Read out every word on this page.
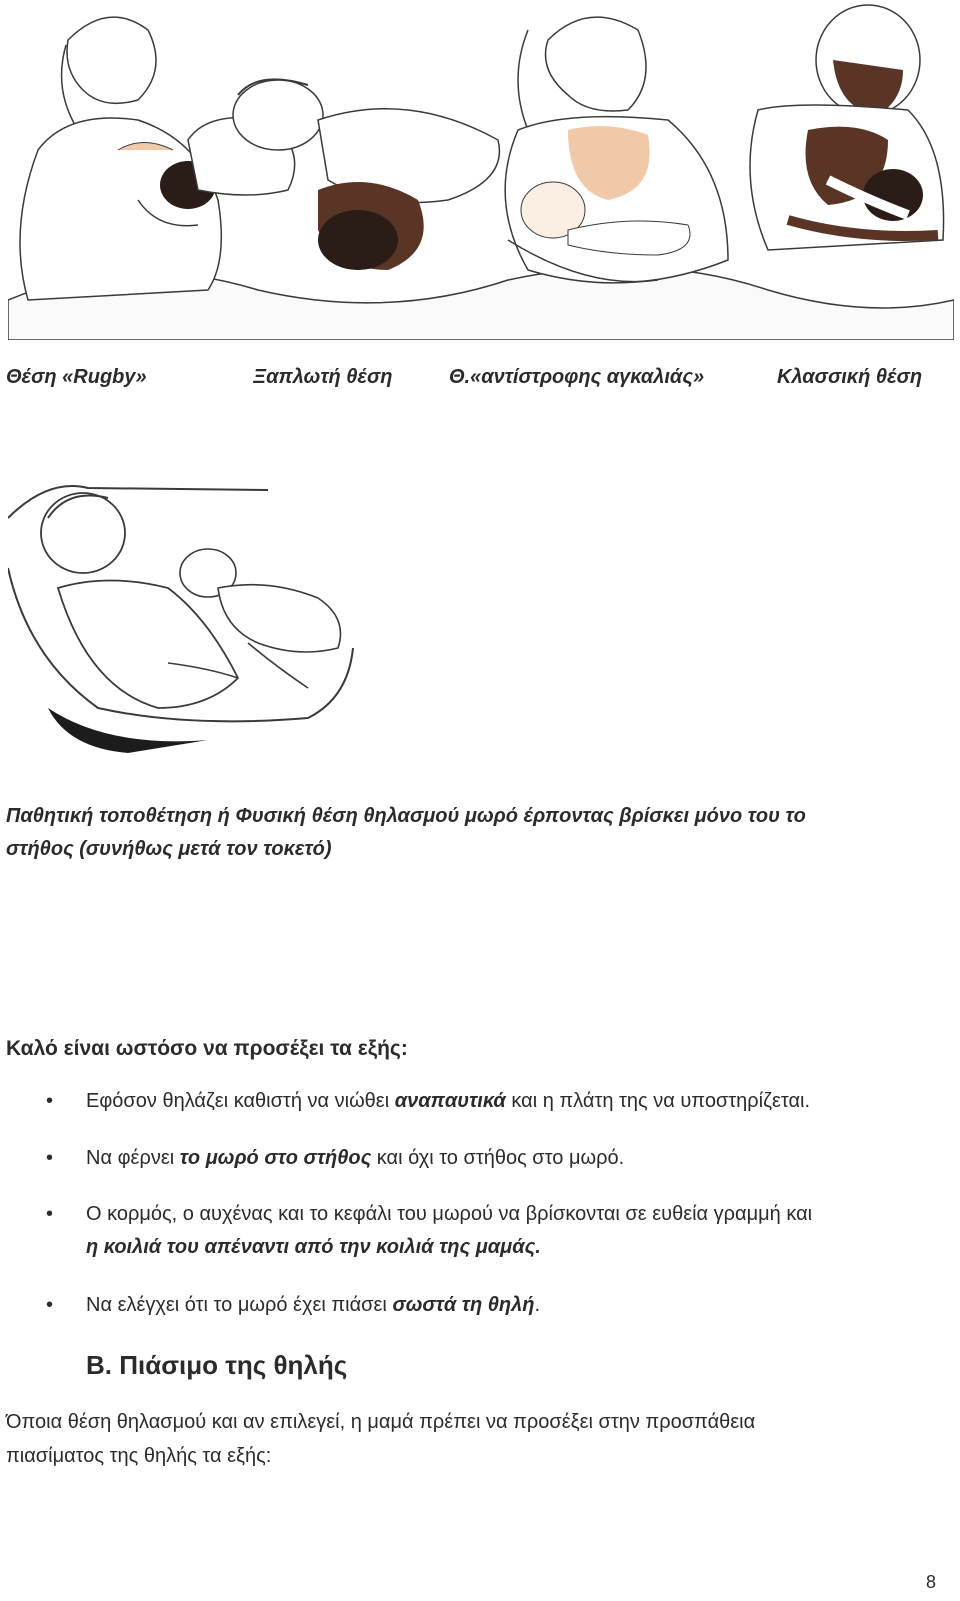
Θέση «Rugby»	Ξαπλωτή θέση	Θ.«αντίστροφης αγκαλιάς»	Κλασσική θέση
Παθητική τοποθέτηση ή Φυσική θέση θηλασμού μωρό έρποντας βρίσκει μόνο του το
στήθος (συνήθως μετά τον τοκετό)
Καλό είναι ωστόσο να προσέξει τα εξής:
• Εφόσον θηλάζει καθιστή να νιώθει αναπαυτικά και η πλάτη της να υποστηρίζεται.
• Να φέρνει το μωρό στο στήθος και όχι το στήθος στο μωρό.
• Ο κορμός, ο αυχένας και το κεφάλι του μωρού να βρίσκονται σε ευθεία γραμμή και
η κοιλιά του απέναντι από την κοιλιά της μαμάς.
• Να ελέγχει ότι το μωρό έχει πιάσει σωστά τη θηλή.
Β. Πιάσιμο της θηλής
Όποια θέση θηλασμού και αν επιλεγεί, η μαμά πρέπει να προσέξει στην προσπάθεια
πιασίματος της θηλής τα εξής:
8
